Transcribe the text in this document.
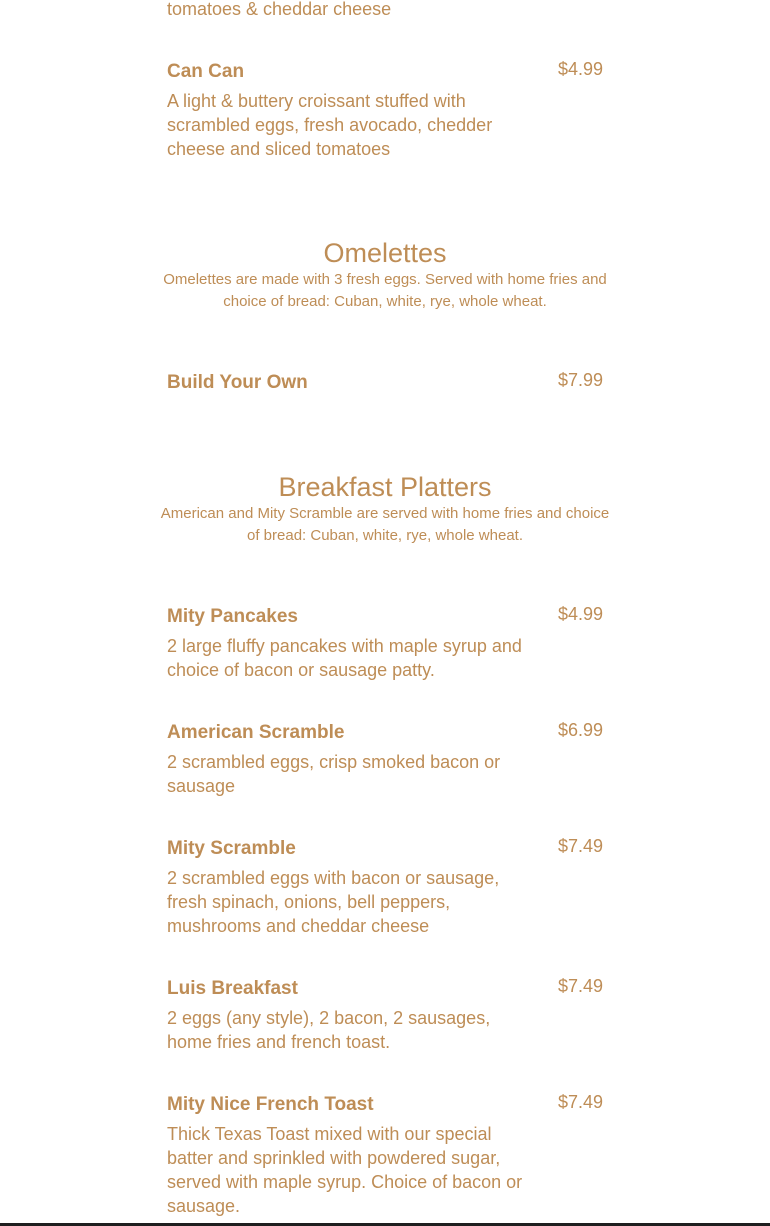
tomatoes & cheddar cheese
Can Can	$4.99
A light & buttery croissant stuffed with scrambled eggs, fresh avocado, chedder cheese and sliced tomatoes
Omelettes
Omelettes are made with 3 fresh eggs. Served with home fries and choice of bread: Cuban, white, rye, whole wheat.
Build Your Own	$7.99
Breakfast Platters
American and Mity Scramble are served with home fries and choice of bread: Cuban, white, rye, whole wheat.
Mity Pancakes	$4.99
2 large fluffy pancakes with maple syrup and choice of bacon or sausage patty.
American Scramble	$6.99
2 scrambled eggs, crisp smoked bacon or sausage
Mity Scramble	$7.49
2 scrambled eggs with bacon or sausage, fresh spinach, onions, bell peppers, mushrooms and cheddar cheese
Luis Breakfast	$7.49
2 eggs (any style), 2 bacon, 2 sausages, home fries and french toast.
Mity Nice French Toast	$7.49
Thick Texas Toast mixed with our special batter and sprinkled with powdered sugar, served with maple syrup. Choice of bacon or sausage.
